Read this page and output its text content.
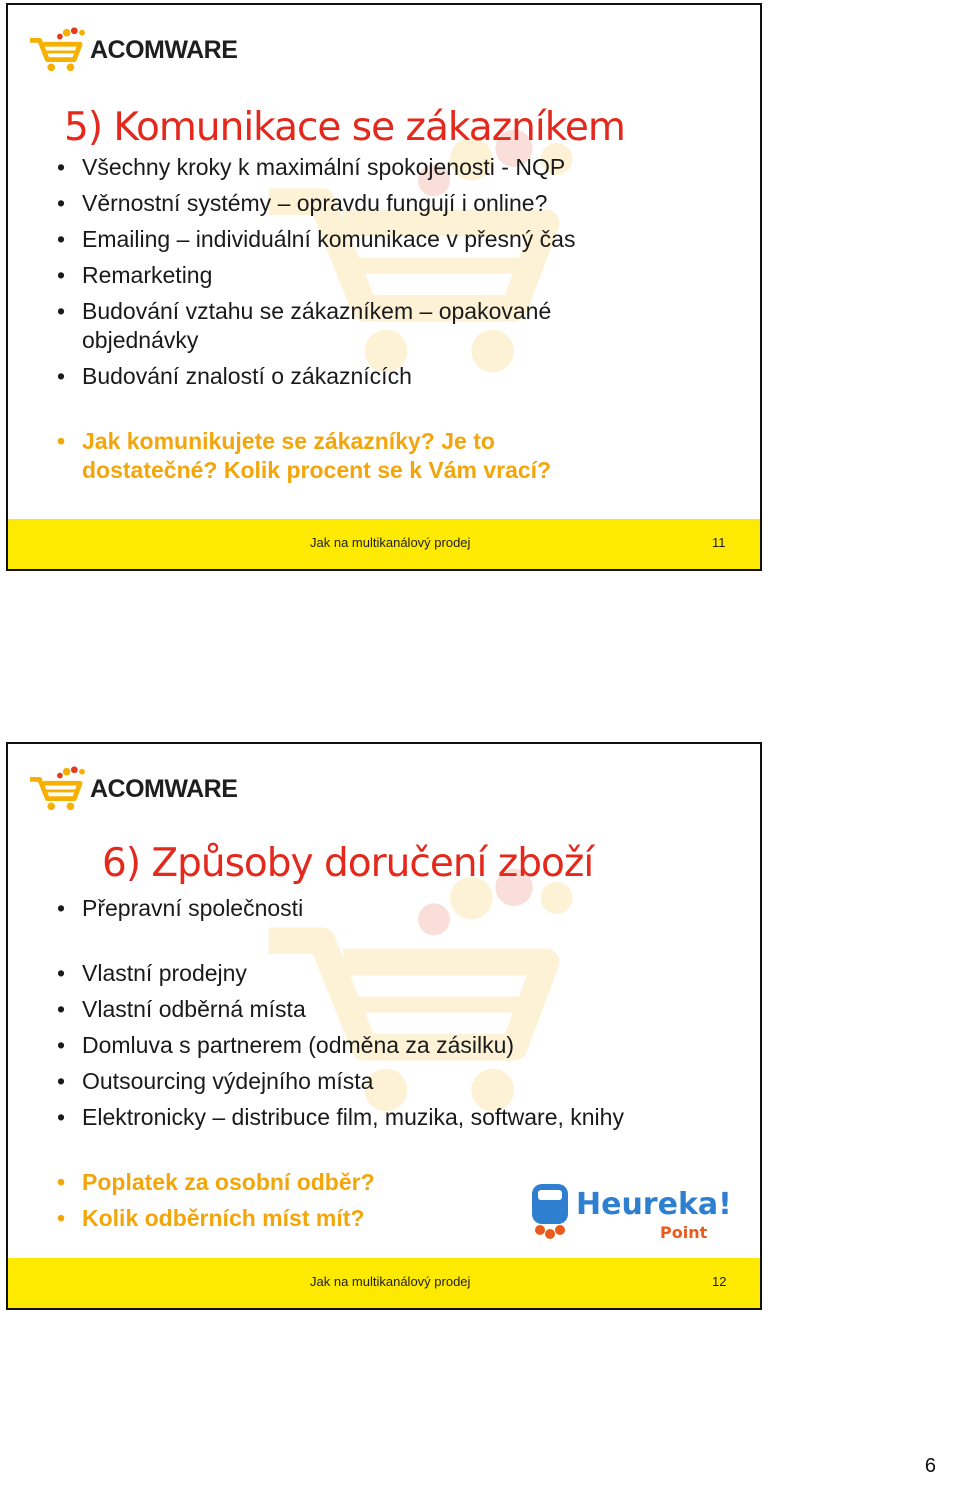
ACOMWARE
5) Komunikace se zákazníkem
• Všechny kroky k maximální spokojenosti - NQP
• Věrnostní systémy – opravdu fungují i online?
• Emailing – individuální komunikace v přesný čas
• Remarketing
• Budování vztahu se zákazníkem – opakované objednávky
• Budování znalostí o zákaznících
• Jak komunikujete se zákazníky? Je to dostatečné? Kolik procent se k Vám vrací?
Jak na multikanálový prodej	11
ACOMWARE
6) Způsoby doručení zboží
• Přepravní společnosti
• Vlastní prodejny
• Vlastní odběrná místa
• Domluva s partnerem (odměna za zásilku)
• Outsourcing výdejního místa
• Elektronicky – distribuce film, muzika, software, knihy
• Poplatek za osobní odběr?
• Kolik odběrních míst mít?	Heureka!
Point
Jak na multikanálový prodej	12
6
